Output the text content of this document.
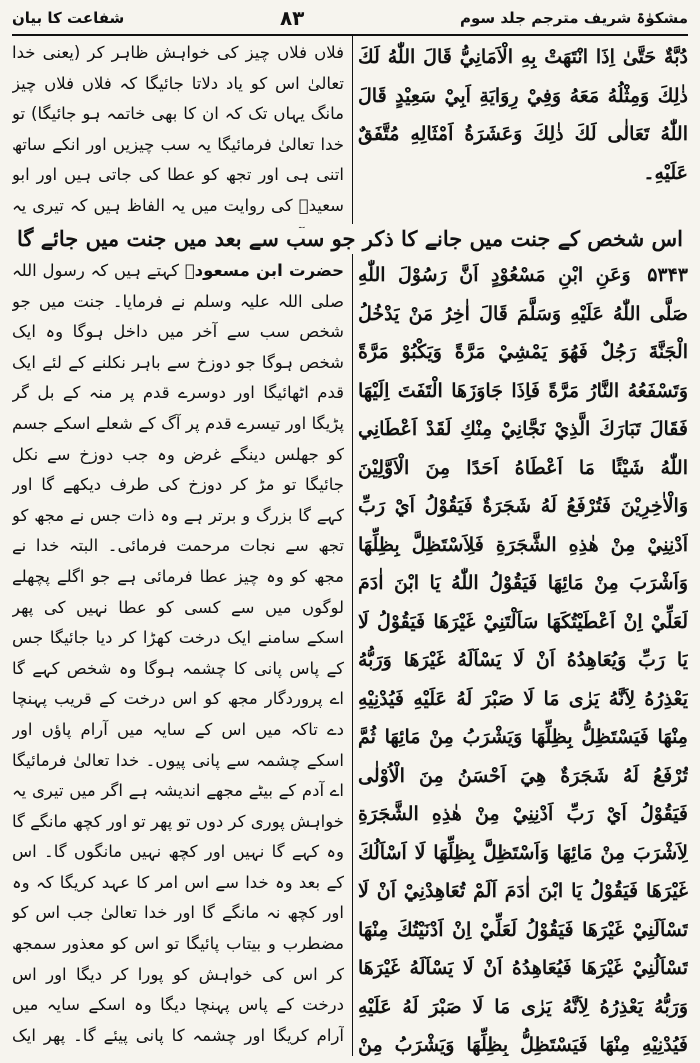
مشکوٰۃ شریف مترجم جلد سوم
۸۳
شفاعت کا بیان

دُبَّةٌ حَتَّىٰ اِذَا انْتَهَتْ بِهِ الْاَمَانِيُّ قَالَ اللّٰهُ لَكَ ذٰلِكَ وَمِثْلُهُ مَعَهُ وَفِيْ رِوَايَةِ اَبِيْ سَعِيْدٍ قَالَ اللّٰهُ تَعَالٰى لَكَ ذٰلِكَ وَعَشَرَةُ اَمْثَالِهِ مُتَّفَقٌ عَلَيْهِ۔

فلاں فلاں چیز کی خواہش ظاہر کر (یعنی خدا تعالیٰ اس کو یاد دلاتا جائیگا کہ فلاں فلاں چیز مانگ یہاں تک کہ ان کا بھی خاتمہ ہو جائیگا) تو خدا تعالیٰ فرمائیگا یہ سب چیزیں اور انکے ساتھ اتنی ہی اور تجھ کو عطا کی جاتی ہیں اور ابو سعیدؓ کی روایت میں یہ الفاظ ہیں کہ تیری یہ

اس شخص کے جنت میں جانے کا ذکر جو سب سے بعد میں جنت میں جائے گا

۵۳۴۳ وَعَنِ ابْنِ مَسْعُوْدٍ اَنَّ رَسُوْلَ اللّٰهِ صَلَّى اللّٰهُ عَلَيْهِ وَسَلَّمَ قَالَ اٰخِرُ مَنْ يَدْخُلُ الْجَنَّةَ رَجُلٌ فَهُوَ يَمْشِيْ مَرَّةً وَيَكْبُوْ مَرَّةً وَتَسْفَعُهُ النَّارُ مَرَّةً فَاِذَا جَاوَزَهَا الْتَفَتَ اِلَيْهَا فَقَالَ تَبَارَكَ الَّذِيْ نَجَّانِيْ مِنْكِ لَقَدْ اَعْطَانِي اللّٰهُ شَيْئًا مَا اَعْطَاهُ اَحَدًا مِنَ الْاَوَّلِيْنَ وَالْاٰخِرِيْنَ فَتُرْفَعُ لَهُ شَجَرَةٌ فَيَقُوْلُ اَيْ رَبِّ اَدْنِنِيْ مِنْ هٰذِهِ الشَّجَرَةِ فَلِاَسْتَظِلَّ بِظِلِّهَا وَاَشْرَبَ مِنْ مَائِهَا فَيَقُوْلُ اللّٰهُ يَا ابْنَ اٰدَمَ لَعَلِّيْ اِنْ اَعْطَيْتُكَهَا سَاَلْتَنِيْ غَيْرَهَا فَيَقُوْلُ لَا يَا رَبِّ وَيُعَاهِدُهُ اَنْ لَا يَسْاَلَهُ غَيْرَهَا وَرَبُّهُ يَعْذِرُهُ لِاَنَّهُ يَرٰى مَا لَا صَبْرَ لَهُ عَلَيْهِ فَيُدْنِيْهِ مِنْهَا فَيَسْتَظِلُّ بِظِلِّهَا وَيَشْرَبُ مِنْ مَائِهَا ثُمَّ تُرْفَعُ لَهُ شَجَرَةٌ هِيَ اَحْسَنُ مِنَ الْاُوْلٰى فَيَقُوْلُ اَيْ رَبِّ اَدْنِنِيْ مِنْ هٰذِهِ الشَّجَرَةِ لِاَشْرَبَ مِنْ مَائِهَا وَاَسْتَظِلَّ بِظِلِّهَا لَا اَسْاَلُكَ غَيْرَهَا فَيَقُوْلُ يَا ابْنَ اٰدَمَ اَلَمْ تُعَاهِدْنِيْ اَنْ لَا تَسْاَلَنِيْ غَيْرَهَا فَيَقُوْلُ لَعَلِّيْ اِنْ اَدْنَيْتُكَ مِنْهَا تَسْاَلُنِيْ غَيْرَهَا فَيُعَاهِدُهُ اَنْ لَا يَسْاَلَهُ غَيْرَهَا وَرَبُّهُ يَعْذِرُهُ لِاَنَّهُ يَرٰى مَا لَا صَبْرَ لَهُ عَلَيْهِ فَيُدْنِيْهِ مِنْهَا فَيَسْتَظِلُّ بِظِلِّهَا وَيَشْرَبُ مِنْ

حضرت ابن مسعودؓ کہتے ہیں کہ رسول اللہ صلی اللہ علیہ وسلم نے فرمایا۔ جنت میں جو شخص سب سے آخر میں داخل ہوگا وہ ایک شخص ہوگا جو دوزخ سے باہر نکلنے کے لئے ایک قدم اٹھائیگا اور دوسرے قدم پر منہ کے بل گر پڑیگا اور تیسرے قدم پر آگ کے شعلے اسکے جسم کو جھلس دینگے غرض وہ جب دوزخ سے نکل جائیگا تو مڑ کر دوزخ کی طرف دیکھے گا اور کہے گا بزرگ و برتر ہے وہ ذات جس نے مجھ کو تجھ سے نجات مرحمت فرمائی۔ البتہ خدا نے مجھ کو وہ چیز عطا فرمائی ہے جو اگلے پچھلے لوگوں میں سے کسی کو عطا نہیں کی پھر اسکے سامنے ایک درخت کھڑا کر دیا جائیگا جس کے پاس پانی کا چشمہ ہوگا وہ شخص کہے گا اے پروردگار مجھ کو اس درخت کے قریب پہنچا دے تاکہ میں اس کے سایہ میں آرام پاؤں اور اسکے چشمہ سے پانی پیوں۔ خدا تعالیٰ فرمائیگا اے آدم کے بیٹے مجھے اندیشہ ہے اگر میں تیری یہ خواہش پوری کر دوں تو پھر تو اور کچھ مانگے گا وہ کہے گا نہیں اور کچھ نہیں مانگوں گا۔ اس کے بعد وہ خدا سے اس امر کا عہد کریگا کہ وہ اور کچھ نہ مانگے گا اور خدا تعالیٰ جب اس کو مضطرب و بیتاب پائیگا تو اس کو معذور سمجھ کر اس کی خواہش کو پورا کر دیگا اور اس درخت کے پاس پہنچا دیگا وہ اسکے سایہ میں آرام کریگا اور چشمہ کا پانی پیئے گا۔ پھر ایک
